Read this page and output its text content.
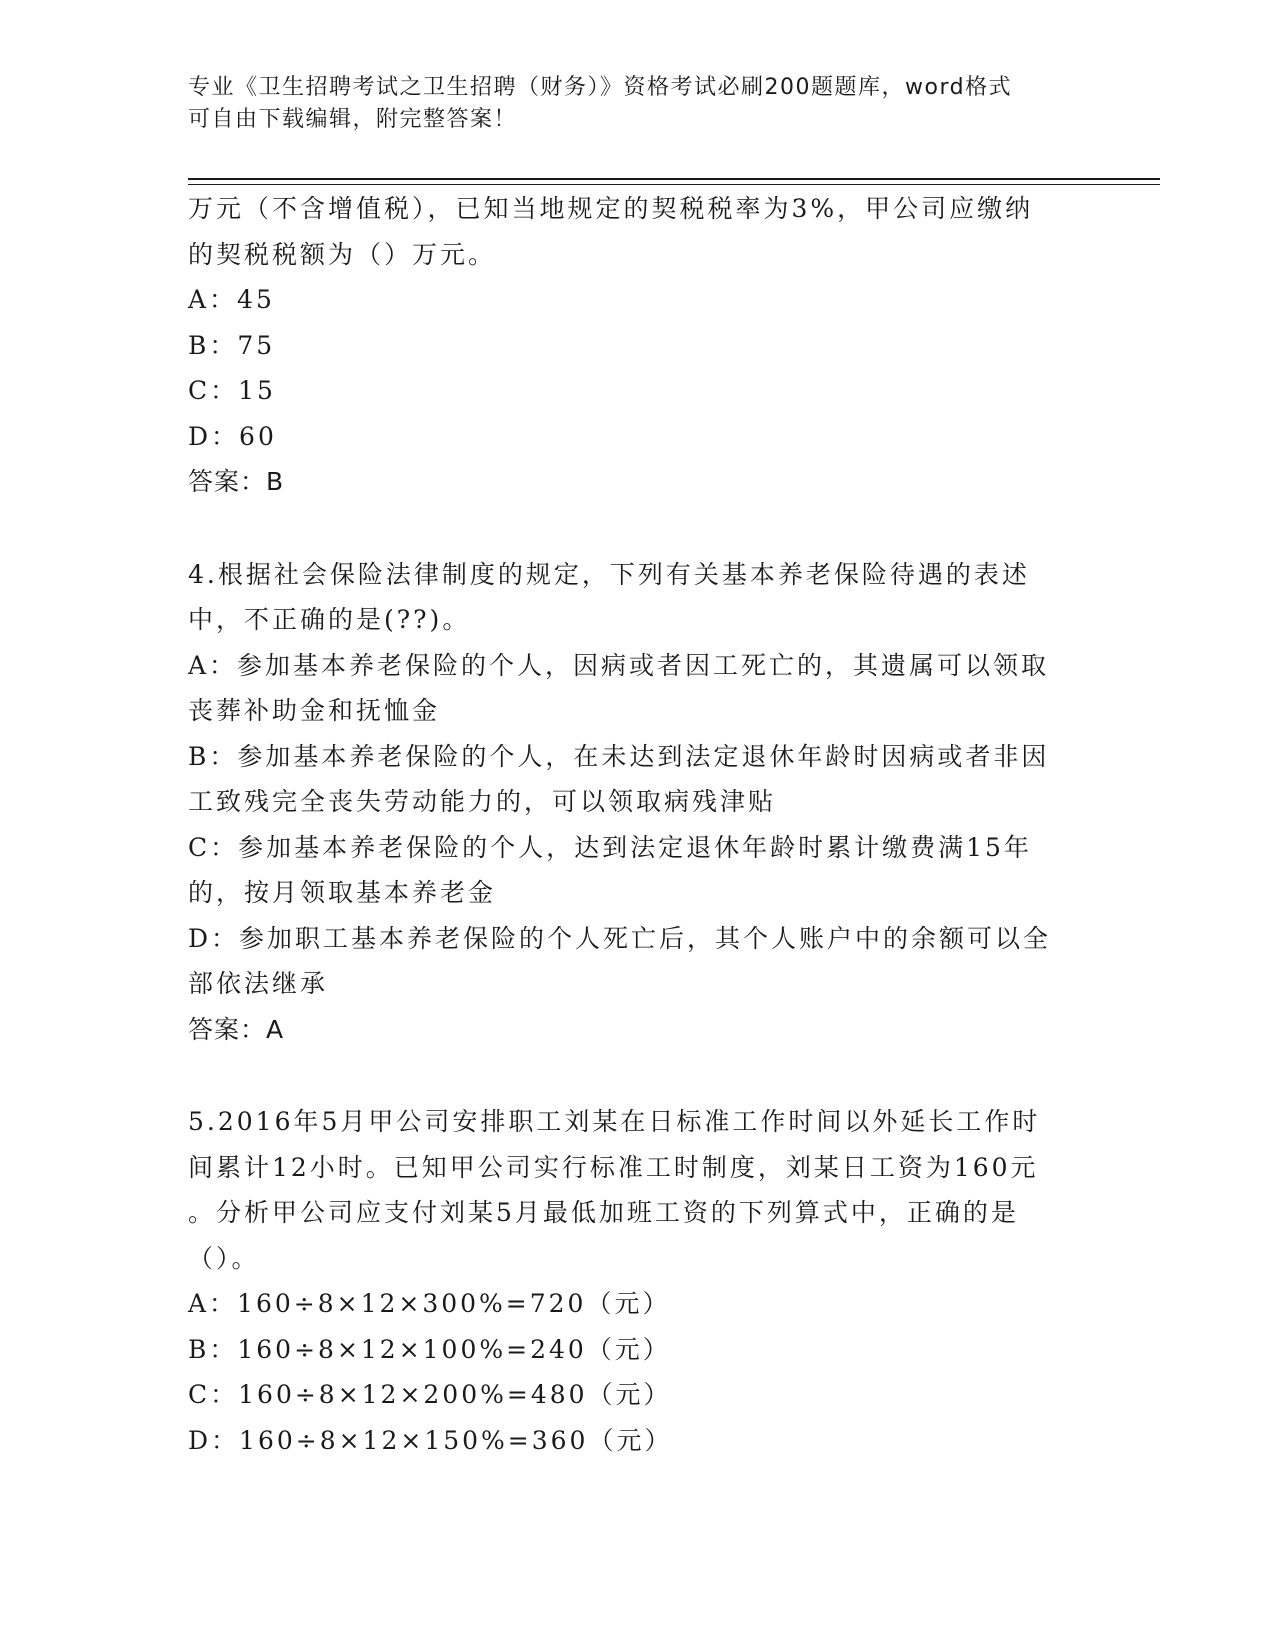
专业《卫生招聘考试之卫生招聘（财务）》资格考试必刷200题题库，word格式
可自由下载编辑，附完整答案！
万元（不含增值税），已知当地规定的契税税率为3%，甲公司应缴纳
的契税税额为（）万元。
A：45
B：75
C：15
D：60
答案：B
4.根据社会保险法律制度的规定，下列有关基本养老保险待遇的表述
中，不正确的是(??)。
A：参加基本养老保险的个人，因病或者因工死亡的，其遗属可以领取
丧葬补助金和抚恤金
B：参加基本养老保险的个人，在未达到法定退休年龄时因病或者非因
工致残完全丧失劳动能力的，可以领取病残津贴
C：参加基本养老保险的个人，达到法定退休年龄时累计缴费满15年
的，按月领取基本养老金
D：参加职工基本养老保险的个人死亡后，其个人账户中的余额可以全
部依法继承
答案：A
5.2016年5月甲公司安排职工刘某在日标准工作时间以外延长工作时
间累计12小时。已知甲公司实行标准工时制度，刘某日工资为160元
。分析甲公司应支付刘某5月最低加班工资的下列算式中，正确的是
（）。
A：160÷8×12×300%=720（元）
B：160÷8×12×100%=240（元）
C：160÷8×12×200%=480（元）
D：160÷8×12×150%=360（元）
